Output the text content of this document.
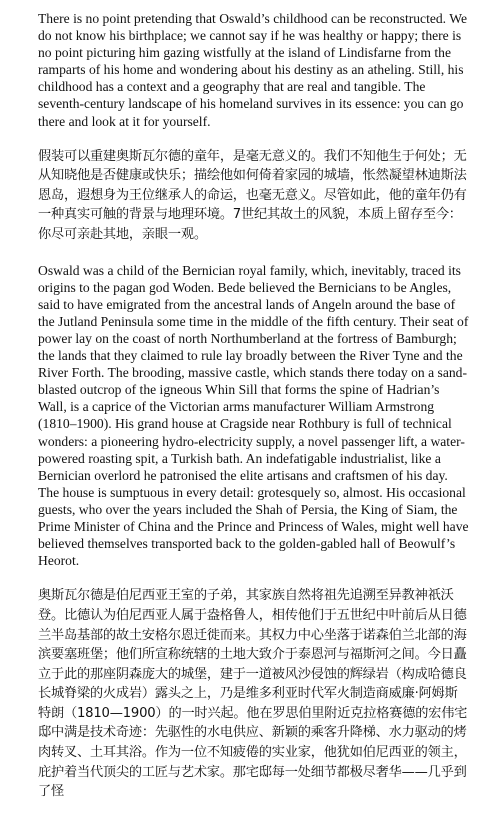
There is no point pretending that Oswald’s childhood can be reconstructed. We do not know his birthplace; we cannot say if he was healthy or happy; there is no point picturing him gazing wistfully at the island of Lindisfarne from the ramparts of his home and wondering about his destiny as an atheling. Still, his childhood has a context and a geography that are real and tangible. The seventh-century landscape of his homeland survives in its essence: you can go there and look at it for yourself.

假装可以重建奥斯瓦尔德的童年，是毫无意义的。我们不知他生于何处；无从知晓他是否健康或快乐；描绘他如何倚着家园的城墙，怅然凝望林迪斯法恩岛，遐想身为王位继承人的命运，也毫无意义。尽管如此，他的童年仍有一种真实可触的背景与地理环境。7世纪其故土的风貌，本质上留存至今：你尽可亲赴其地，亲眼一观。

Oswald was a child of the Bernician royal family, which, inevitably, traced its origins to the pagan god Woden. Bede believed the Bernicians to be Angles, said to have emigrated from the ancestral lands of Angeln around the base of the Jutland Peninsula some time in the middle of the fifth century. Their seat of power lay on the coast of north Northumberland at the fortress of Bamburgh; the lands that they claimed to rule lay broadly between the River Tyne and the River Forth. The brooding, massive castle, which stands there today on a sand-blasted outcrop of the igneous Whin Sill that forms the spine of Hadrian’s Wall, is a caprice of the Victorian arms manufacturer William Armstrong (1810–1900). His grand house at Cragside near Rothbury is full of technical wonders: a pioneering hydro-electricity supply, a novel passenger lift, a water-powered roasting spit, a Turkish bath. An indefatigable industrialist, like a Bernician overlord he patronised the elite artisans and craftsmen of his day. The house is sumptuous in every detail: grotesquely so, almost. His occasional guests, who over the years included the Shah of Persia, the King of Siam, the Prime Minister of China and the Prince and Princess of Wales, might well have believed themselves transported back to the golden-gabled hall of Beowulf’s Heorot.

奥斯瓦尔德是伯尼西亚王室的子弟，其家族自然将祖先追溯至异教神祇沃登。比德认为伯尼西亚人属于盎格鲁人，相传他们于五世纪中叶前后从日德兰半岛基部的故土安格尔恩迁徙而来。其权力中心坐落于诺森伯兰北部的海滨要塞班堡；他们所宣称统辖的土地大致介于泰恩河与福斯河之间。今日矗立于此的那座阴森庞大的城堡，建于一道被风沙侵蚀的辉绿岩（构成哈德良长城脊梁的火成岩）露头之上，乃是维多利亚时代军火制造商威廉·阿姆斯特朗（1810—1900）的一时兴起。他在罗思伯里附近克拉格赛德的宏伟宅邸中满是技术奇迹：先驱性的水电供应、新颖的乘客升降梯、水力驱动的烤肉转叉、土耳其浴。作为一位不知疲倦的实业家，他犹如伯尼西亚的领主，庇护着当代顶尖的工匠与艺术家。那宅邸每一处细节都极尽奢华——几乎到了怪
